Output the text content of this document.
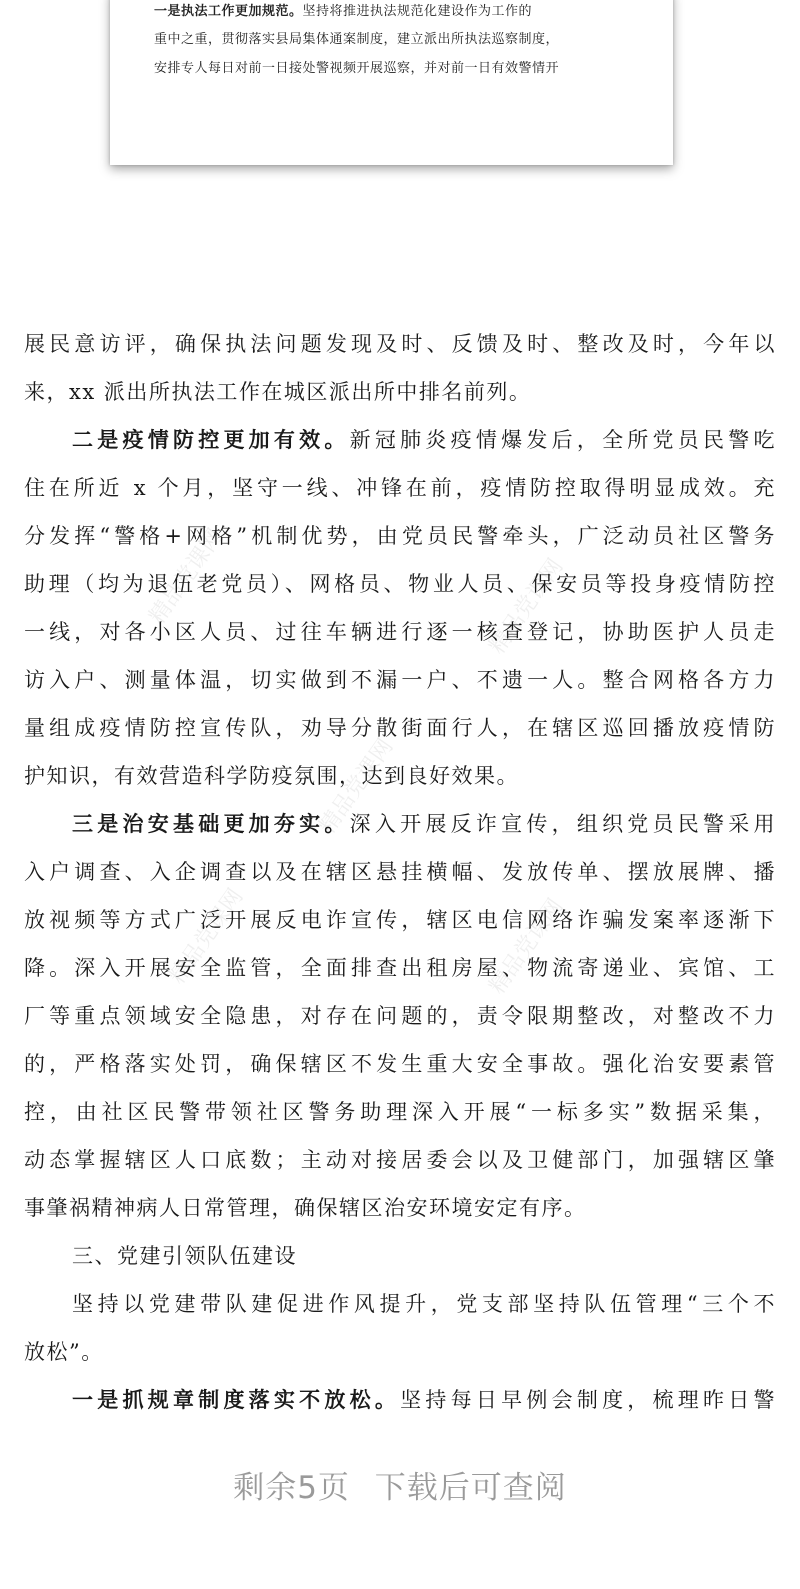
一是执法工作更加规范。坚持将推进执法规范化建设作为工作的
重中之重，贯彻落实县局集体通案制度，建立派出所执法巡察制度，
安排专人每日对前一日接处警视频开展巡察，并对前一日有效警情开
精品党课网	精品党课网
精品党课网
精品党课网
精品党课网
展民意访评，确保执法问题发现及时、反馈及时、整改及时，今年以
来，xx 派出所执法工作在城区派出所中排名前列。
二是疫情防控更加有效。新冠肺炎疫情爆发后，全所党员民警吃
住在所近 x 个月，坚守一线、冲锋在前，疫情防控取得明显成效。充
分发挥“警格+网格”机制优势，由党员民警牵头，广泛动员社区警务
助理（均为退伍老党员）、网格员、物业人员、保安员等投身疫情防控
一线，对各小区人员、过往车辆进行逐一核查登记，协助医护人员走
访入户、测量体温，切实做到不漏一户、不遗一人。整合网格各方力
量组成疫情防控宣传队，劝导分散街面行人，在辖区巡回播放疫情防
护知识，有效营造科学防疫氛围，达到良好效果。
三是治安基础更加夯实。深入开展反诈宣传，组织党员民警采用
入户调查、入企调查以及在辖区悬挂横幅、发放传单、摆放展牌、播
放视频等方式广泛开展反电诈宣传，辖区电信网络诈骗发案率逐渐下
降。深入开展安全监管，全面排查出租房屋、物流寄递业、宾馆、工
厂等重点领域安全隐患，对存在问题的，责令限期整改，对整改不力
的，严格落实处罚，确保辖区不发生重大安全事故。强化治安要素管
控，由社区民警带领社区警务助理深入开展“一标多实”数据采集，
动态掌握辖区人口底数；主动对接居委会以及卫健部门，加强辖区肇
事肇祸精神病人日常管理，确保辖区治安环境安定有序。
三、党建引领队伍建设
坚持以党建带队建促进作风提升，党支部坚持队伍管理“三个不
放松”。
一是抓规章制度落实不放松。坚持每日早例会制度，梳理昨日警
剩余5页 下载后可查阅
